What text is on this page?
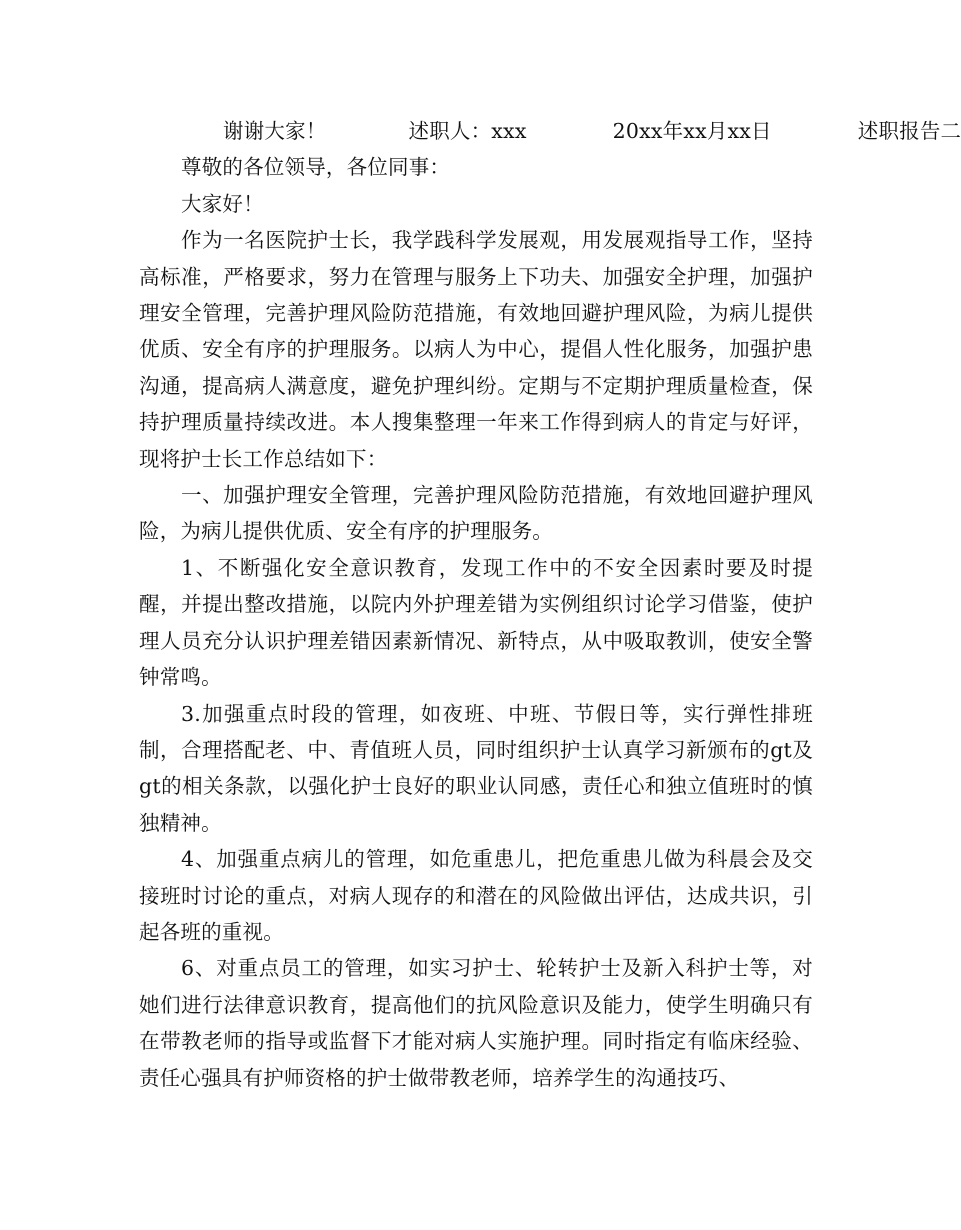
谢谢大家！	述职人：xxx	20xx年xx月xx日	述职报告二

尊敬的各位领导，各位同事：

大家好！

作为一名医院护士长，我学践科学发展观，用发展观指导工作，坚持高标准，严格要求，努力在管理与服务上下功夫、加强安全护理，加强护理安全管理，完善护理风险防范措施，有效地回避护理风险，为病儿提供优质、安全有序的护理服务。以病人为中心，提倡人性化服务，加强护患沟通，提高病人满意度，避免护理纠纷。定期与不定期护理质量检查，保持护理质量持续改进。本人搜集整理一年来工作得到病人的肯定与好评，现将护士长工作总结如下：

一、加强护理安全管理，完善护理风险防范措施，有效地回避护理风险，为病儿提供优质、安全有序的护理服务。

1、不断强化安全意识教育，发现工作中的不安全因素时要及时提醒，并提出整改措施，以院内外护理差错为实例组织讨论学习借鉴，使护理人员充分认识护理差错因素新情况、新特点，从中吸取教训，使安全警钟常鸣。

3.加强重点时段的管理，如夜班、中班、节假日等，实行弹性排班制，合理搭配老、中、青值班人员，同时组织护士认真学习新颁布的gt及gt的相关条款，以强化护士良好的职业认同感，责任心和独立值班时的慎独精神。

4、加强重点病儿的管理，如危重患儿，把危重患儿做为科晨会及交接班时讨论的重点，对病人现存的和潜在的风险做出评估，达成共识，引起各班的重视。

6、对重点员工的管理，如实习护士、轮转护士及新入科护士等，对她们进行法律意识教育，提高他们的抗风险意识及能力，使学生明确只有在带教老师的指导或监督下才能对病人实施护理。同时指定有临床经验、责任心强具有护师资格的护士做带教老师，培养学生的沟通技巧、
